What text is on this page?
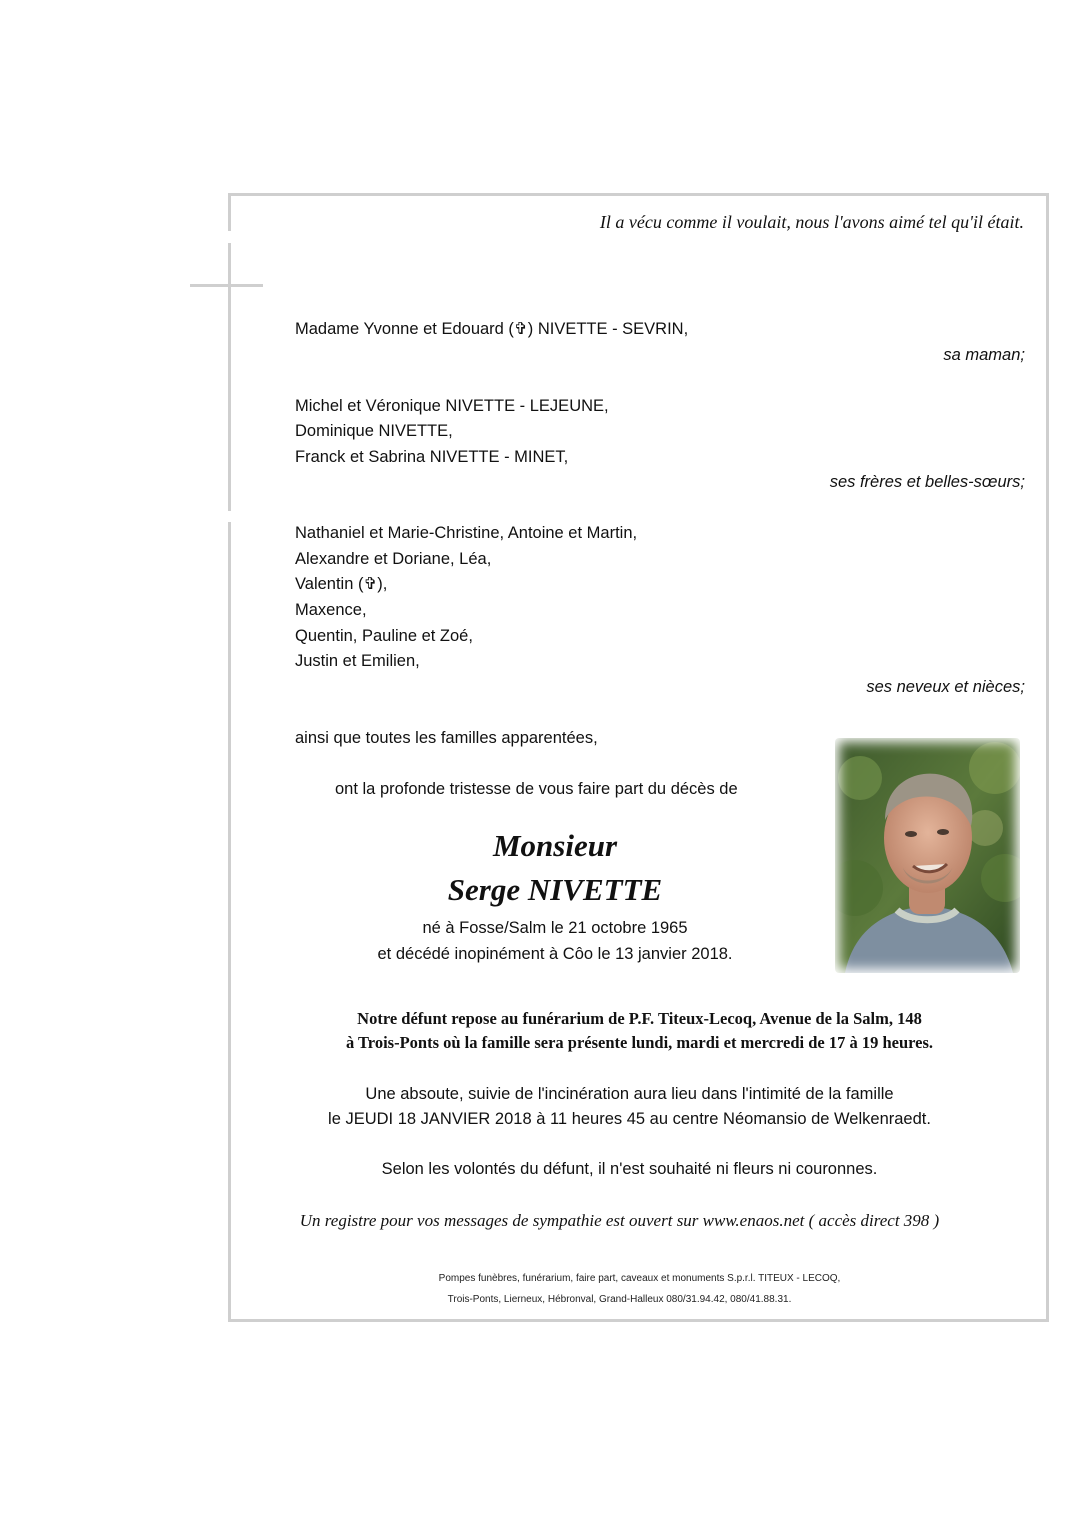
Il a vécu comme il voulait, nous l'avons aimé tel qu'il était.
Madame Yvonne et Edouard (✞) NIVETTE - SEVRIN,
sa maman;
Michel et Véronique NIVETTE - LEJEUNE,
Dominique NIVETTE,
Franck et Sabrina NIVETTE - MINET,
ses frères et belles-sœurs;
Nathaniel et Marie-Christine, Antoine et Martin,
Alexandre et Doriane, Léa,
Valentin (✞),
Maxence,
Quentin, Pauline et Zoé,
Justin et Emilien,
ses neveux et nièces;
ainsi que toutes les familles apparentées,
ont la profonde tristesse de vous faire part du décès de
Monsieur
Serge NIVETTE
né à Fosse/Salm le 21 octobre 1965
et décédé inopinément à Côo le 13 janvier 2018.
Notre défunt repose au funérarium de P.F. Titeux-Lecoq, Avenue de la Salm, 148
à Trois-Ponts où la famille sera présente lundi, mardi et mercredi de 17 à 19 heures.
Une absoute, suivie de l'incinération aura lieu dans l'intimité de la famille
le JEUDI 18 JANVIER 2018 à 11 heures 45 au centre Néomansio de Welkenraedt.
Selon les volontés du défunt, il n'est souhaité ni fleurs ni couronnes.
Un registre pour vos messages de sympathie est ouvert sur www.enaos.net ( accès direct 398 )
Pompes funèbres, funérarium, faire part, caveaux et monuments S.p.r.l. TITEUX - LECOQ,
Trois-Ponts, Lierneux, Hébronval, Grand-Halleux 080/31.94.42, 080/41.88.31.
